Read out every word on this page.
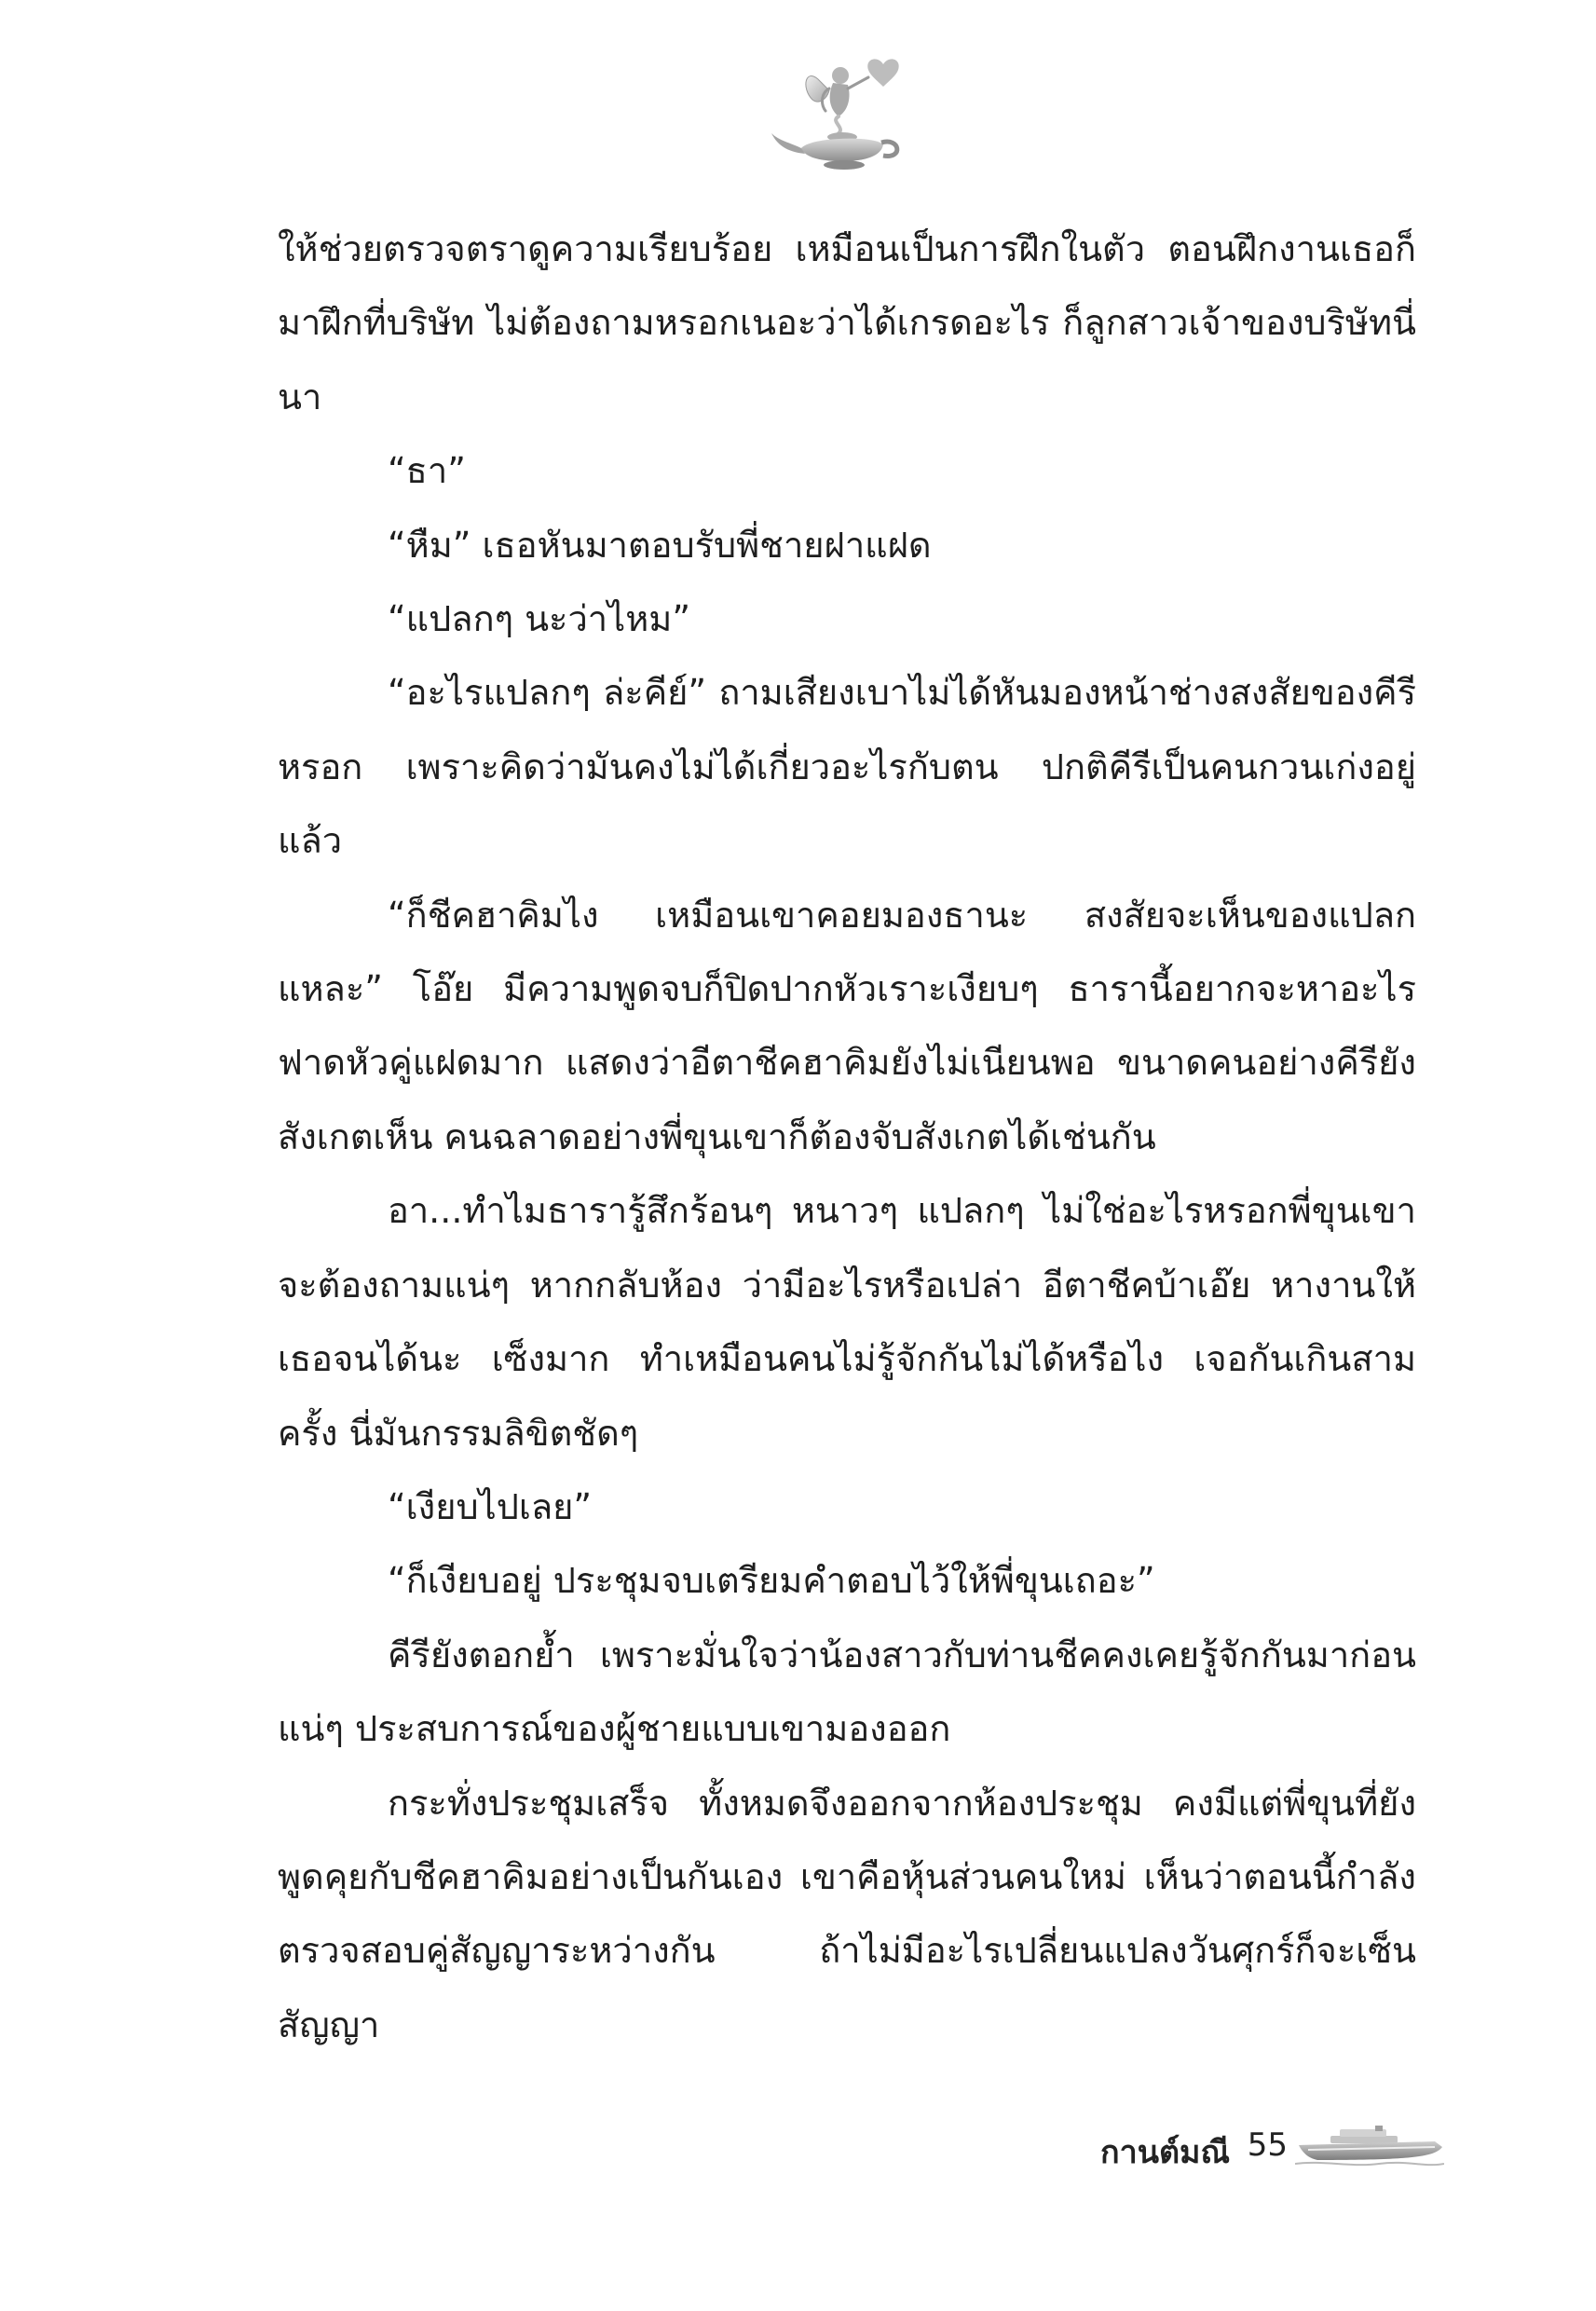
ให้ช่วยตรวจตราดูความเรียบร้อย เหมือนเป็นการฝึกในตัว ตอนฝึกงานเธอก็มาฝึกที่บริษัท ไม่ต้องถามหรอกเนอะว่าได้เกรดอะไร ก็ลูกสาวเจ้าของบริษัทนี่นา

“ธา”

“หืม” เธอหันมาตอบรับพี่ชายฝาแฝด

“แปลกๆ นะว่าไหม”

“อะไรแปลกๆ ล่ะคีย์” ถามเสียงเบาไม่ได้หันมองหน้าช่างสงสัยของคีรีหรอก เพราะคิดว่ามันคงไม่ได้เกี่ยวอะไรกับตน ปกติคีรีเป็นคนกวนเก่งอยู่แล้ว

“ก็ชีคฮาคิมไง เหมือนเขาคอยมองธานะ สงสัยจะเห็นของแปลกแหละ” โอ๊ย มีความพูดจบก็ปิดปากหัวเราะเงียบๆ ธารานี้อยากจะหาอะไรฟาดหัวคู่แฝดมาก แสดงว่าอีตาชีคฮาคิมยังไม่เนียนพอ ขนาดคนอย่างคีรียังสังเกตเห็น คนฉลาดอย่างพี่ขุนเขาก็ต้องจับสังเกตได้เช่นกัน

อา...ทำไมธารารู้สึกร้อนๆ หนาวๆ แปลกๆ ไม่ใช่อะไรหรอกพี่ขุนเขาจะต้องถามแน่ๆ หากกลับห้อง ว่ามีอะไรหรือเปล่า อีตาชีคบ้าเอ๊ย หางานให้เธอจนได้นะ เซ็งมาก ทำเหมือนคนไม่รู้จักกันไม่ได้หรือไง เจอกันเกินสามครั้ง นี่มันกรรมลิขิตชัดๆ

“เงียบไปเลย”

“ก็เงียบอยู่ ประชุมจบเตรียมคำตอบไว้ให้พี่ขุนเถอะ”

คีรียังตอกย้ำ เพราะมั่นใจว่าน้องสาวกับท่านชีคคงเคยรู้จักกันมาก่อนแน่ๆ ประสบการณ์ของผู้ชายแบบเขามองออก

กระทั่งประชุมเสร็จ ทั้งหมดจึงออกจากห้องประชุม คงมีแต่พี่ขุนที่ยังพูดคุยกับชีคฮาคิมอย่างเป็นกันเอง เขาคือหุ้นส่วนคนใหม่ เห็นว่าตอนนี้กำลังตรวจสอบคู่สัญญาระหว่างกัน ถ้าไม่มีอะไรเปลี่ยนแปลงวันศุกร์ก็จะเซ็นสัญญา

กานต์มณี 55
